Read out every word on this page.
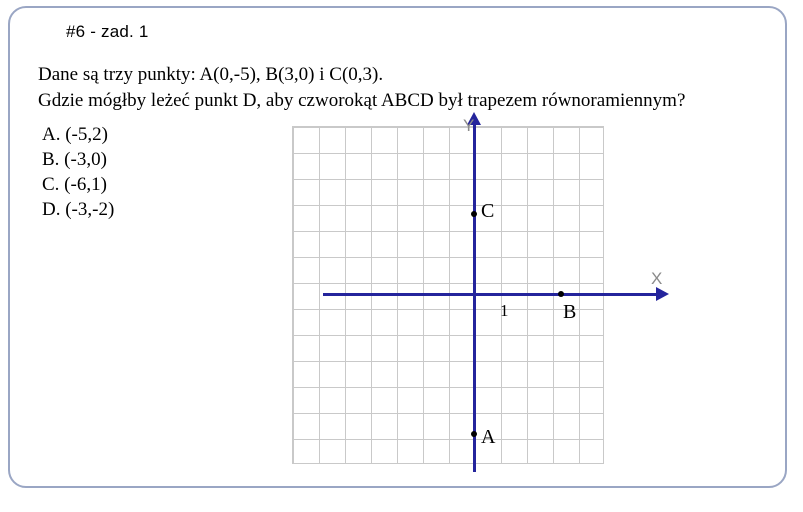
#6 - zad. 1
Dane są trzy punkty: A(0,-5), B(3,0) i C(0,3).
Gdzie mógłby leżeć punkt D, aby czworokąt ABCD był trapezem równoramiennym?
A. (-5,2)
B. (-3,0)
C. (-6,1)
D. (-3,-2)
Y
X
C
B
A
1
